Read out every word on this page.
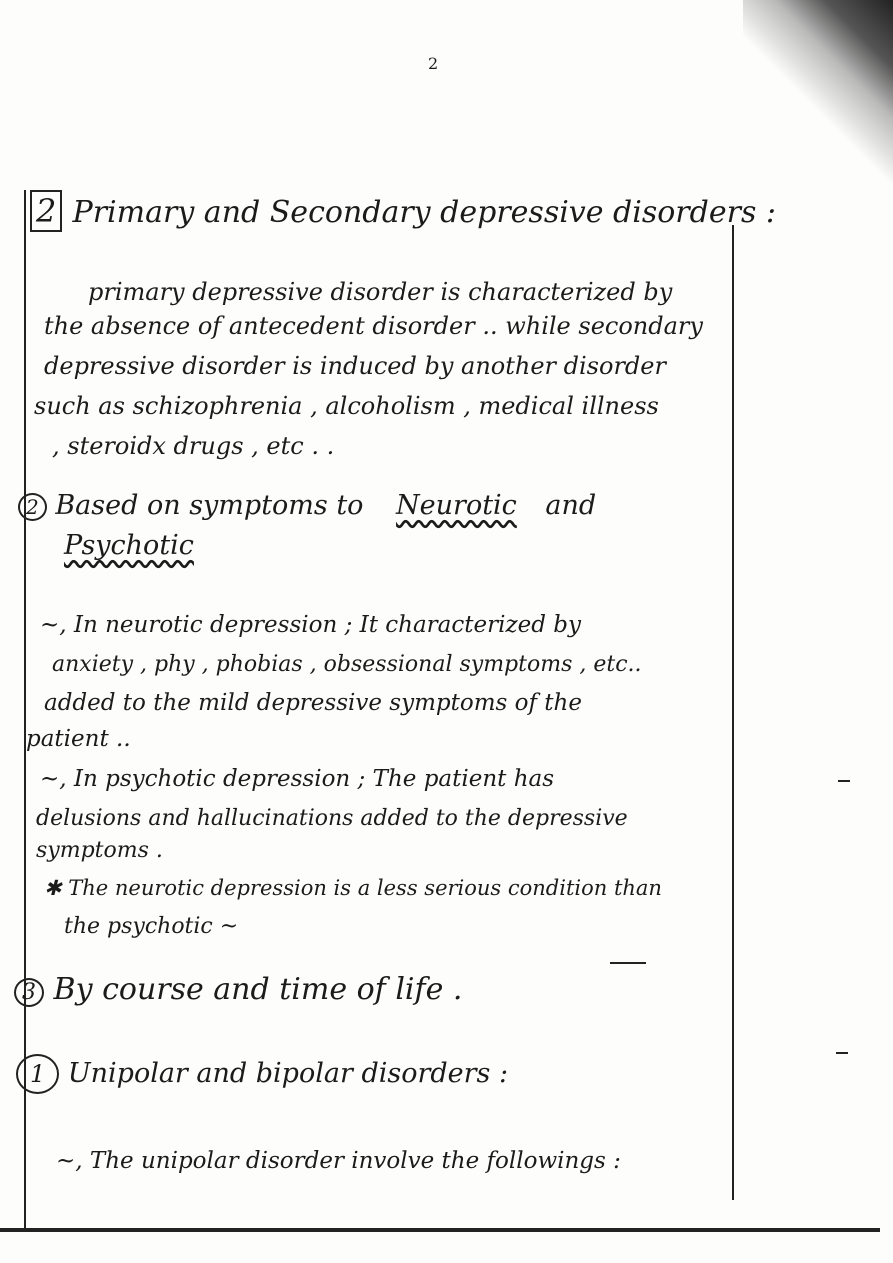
2
2 Primary and Secondary depressive disorders :
primary depressive disorder is characterized by
the absence of antecedent disorder .. while secondary
depressive disorder is induced by another disorder
such as schizophrenia , alcoholism , medical illness
, steroidx drugs , etc . .
2 Based on symptoms to Neurotic and
Psychotic
~, In neurotic depression ; It characterized by
anxiety , phy , phobias , obsessional symptoms , etc..
added to the mild depressive symptoms of the
patient ..
~, In psychotic depression ; The patient has
delusions and hallucinations added to the depressive
symptoms .
✱ The neurotic depression is a less serious condition than
the psychotic ~
3 By course and time of life .
1 Unipolar and bipolar disorders :
~, The unipolar disorder involve the followings :
